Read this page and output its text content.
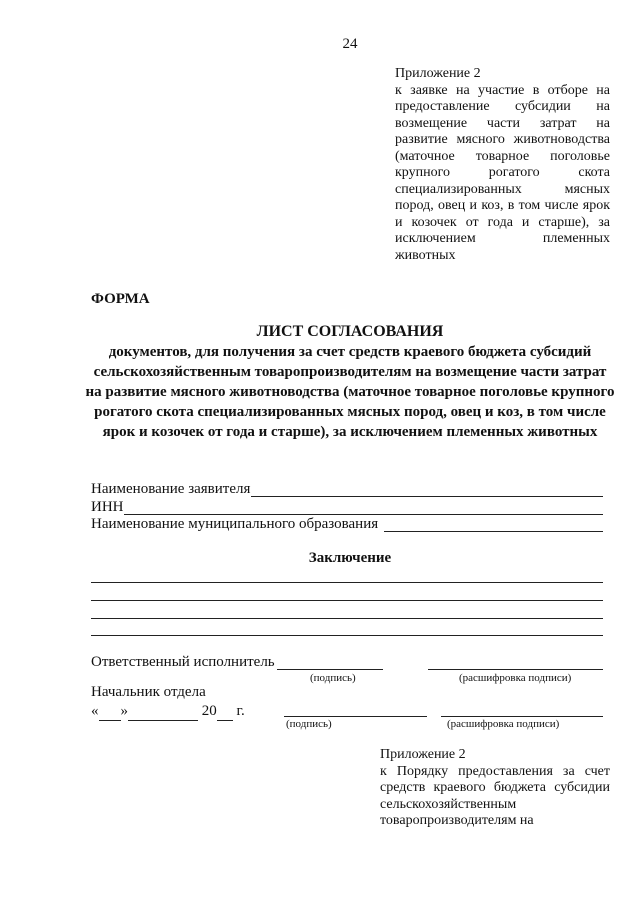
24
Приложение 2
к заявке на участие в отборе на предоставление субсидии на возмещение части затрат на развитие мясного животноводства (маточное товарное поголовье крупного рогатого скота специализированных мясных пород, овец и коз, в том числе ярок и козочек от года и старше), за исключением племенных животных
ФОРМА
ЛИСТ СОГЛАСОВАНИЯ
документов, для получения за счет средств краевого бюджета субсидий сельскохозяйственным товаропроизводителям на возмещение части затрат на развитие мясного животноводства (маточное товарное поголовье крупного рогатого скота специализированных мясных пород, овец и коз, в том числе ярок и козочек от года и старше), за исключением племенных животных
Наименование заявителя
ИНН
Наименование муниципального образования
Заключение
Ответственный исполнитель
(подпись)	(расшифровка подписи)
Начальник отдела
« »	20 г.
(подпись)	(расшифровка подписи)
Приложение 2
к Порядку предоставления за счет средств краевого бюджета субсидии сельскохозяйственным товаропроизводителям на
